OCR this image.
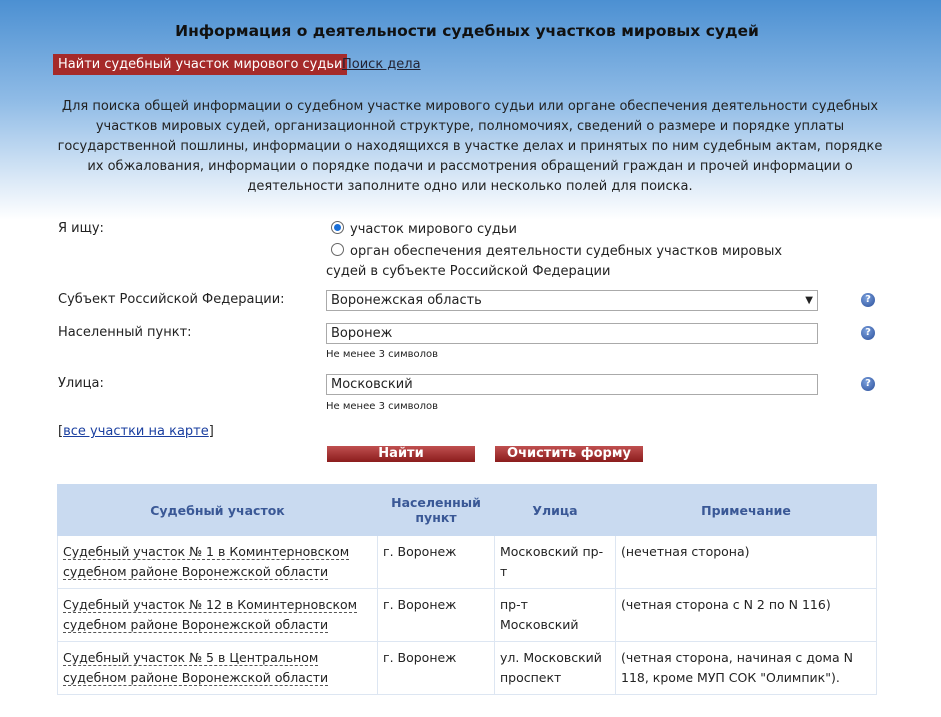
Информация о деятельности судебных участков мировых судей
Найти судебный участок мирового судьи Поиск дела
Для поиска общей информации о судебном участке мирового судьи или органе обеспечения деятельности судебных участков мировых судей, организационной структуре, полномочиях, сведений о размере и порядке уплаты государственной пошлины, информации о находящихся в участке делах и принятых по ним судебным актам, порядке их обжалования, информации о порядке подачи и рассмотрения обращений граждан и прочей информации о деятельности заполните одно или несколько полей для поиска.
Я ищу:	участок мирового судьи
орган обеспечения деятельности судебных участков мировых судей в субъекте Российской Федерации
Субъект Российской Федерации:	Воронежская область	▼	?
Населенный пункт:	Воронеж
Не менее 3 символов
?
Улица:	Московский
Не менее 3 символов
?
[все участки на карте]
Найти	Очистить форму
Судебный участок	Населенный пункт	Улица	Примечание
Судебный участок № 1 в Коминтерновском судебном районе Воронежской области	г. Воронеж	Московский пр-т	(нечетная сторона)
Судебный участок № 12 в Коминтерновском судебном районе Воронежской области	г. Воронеж	пр-т Московский	(четная сторона с N 2 по N 116)
Судебный участок № 5 в Центральном судебном районе Воронежской области	г. Воронеж	ул. Московский проспект	(четная сторона, начиная с дома N 118, кроме МУП СОК "Олимпик").
